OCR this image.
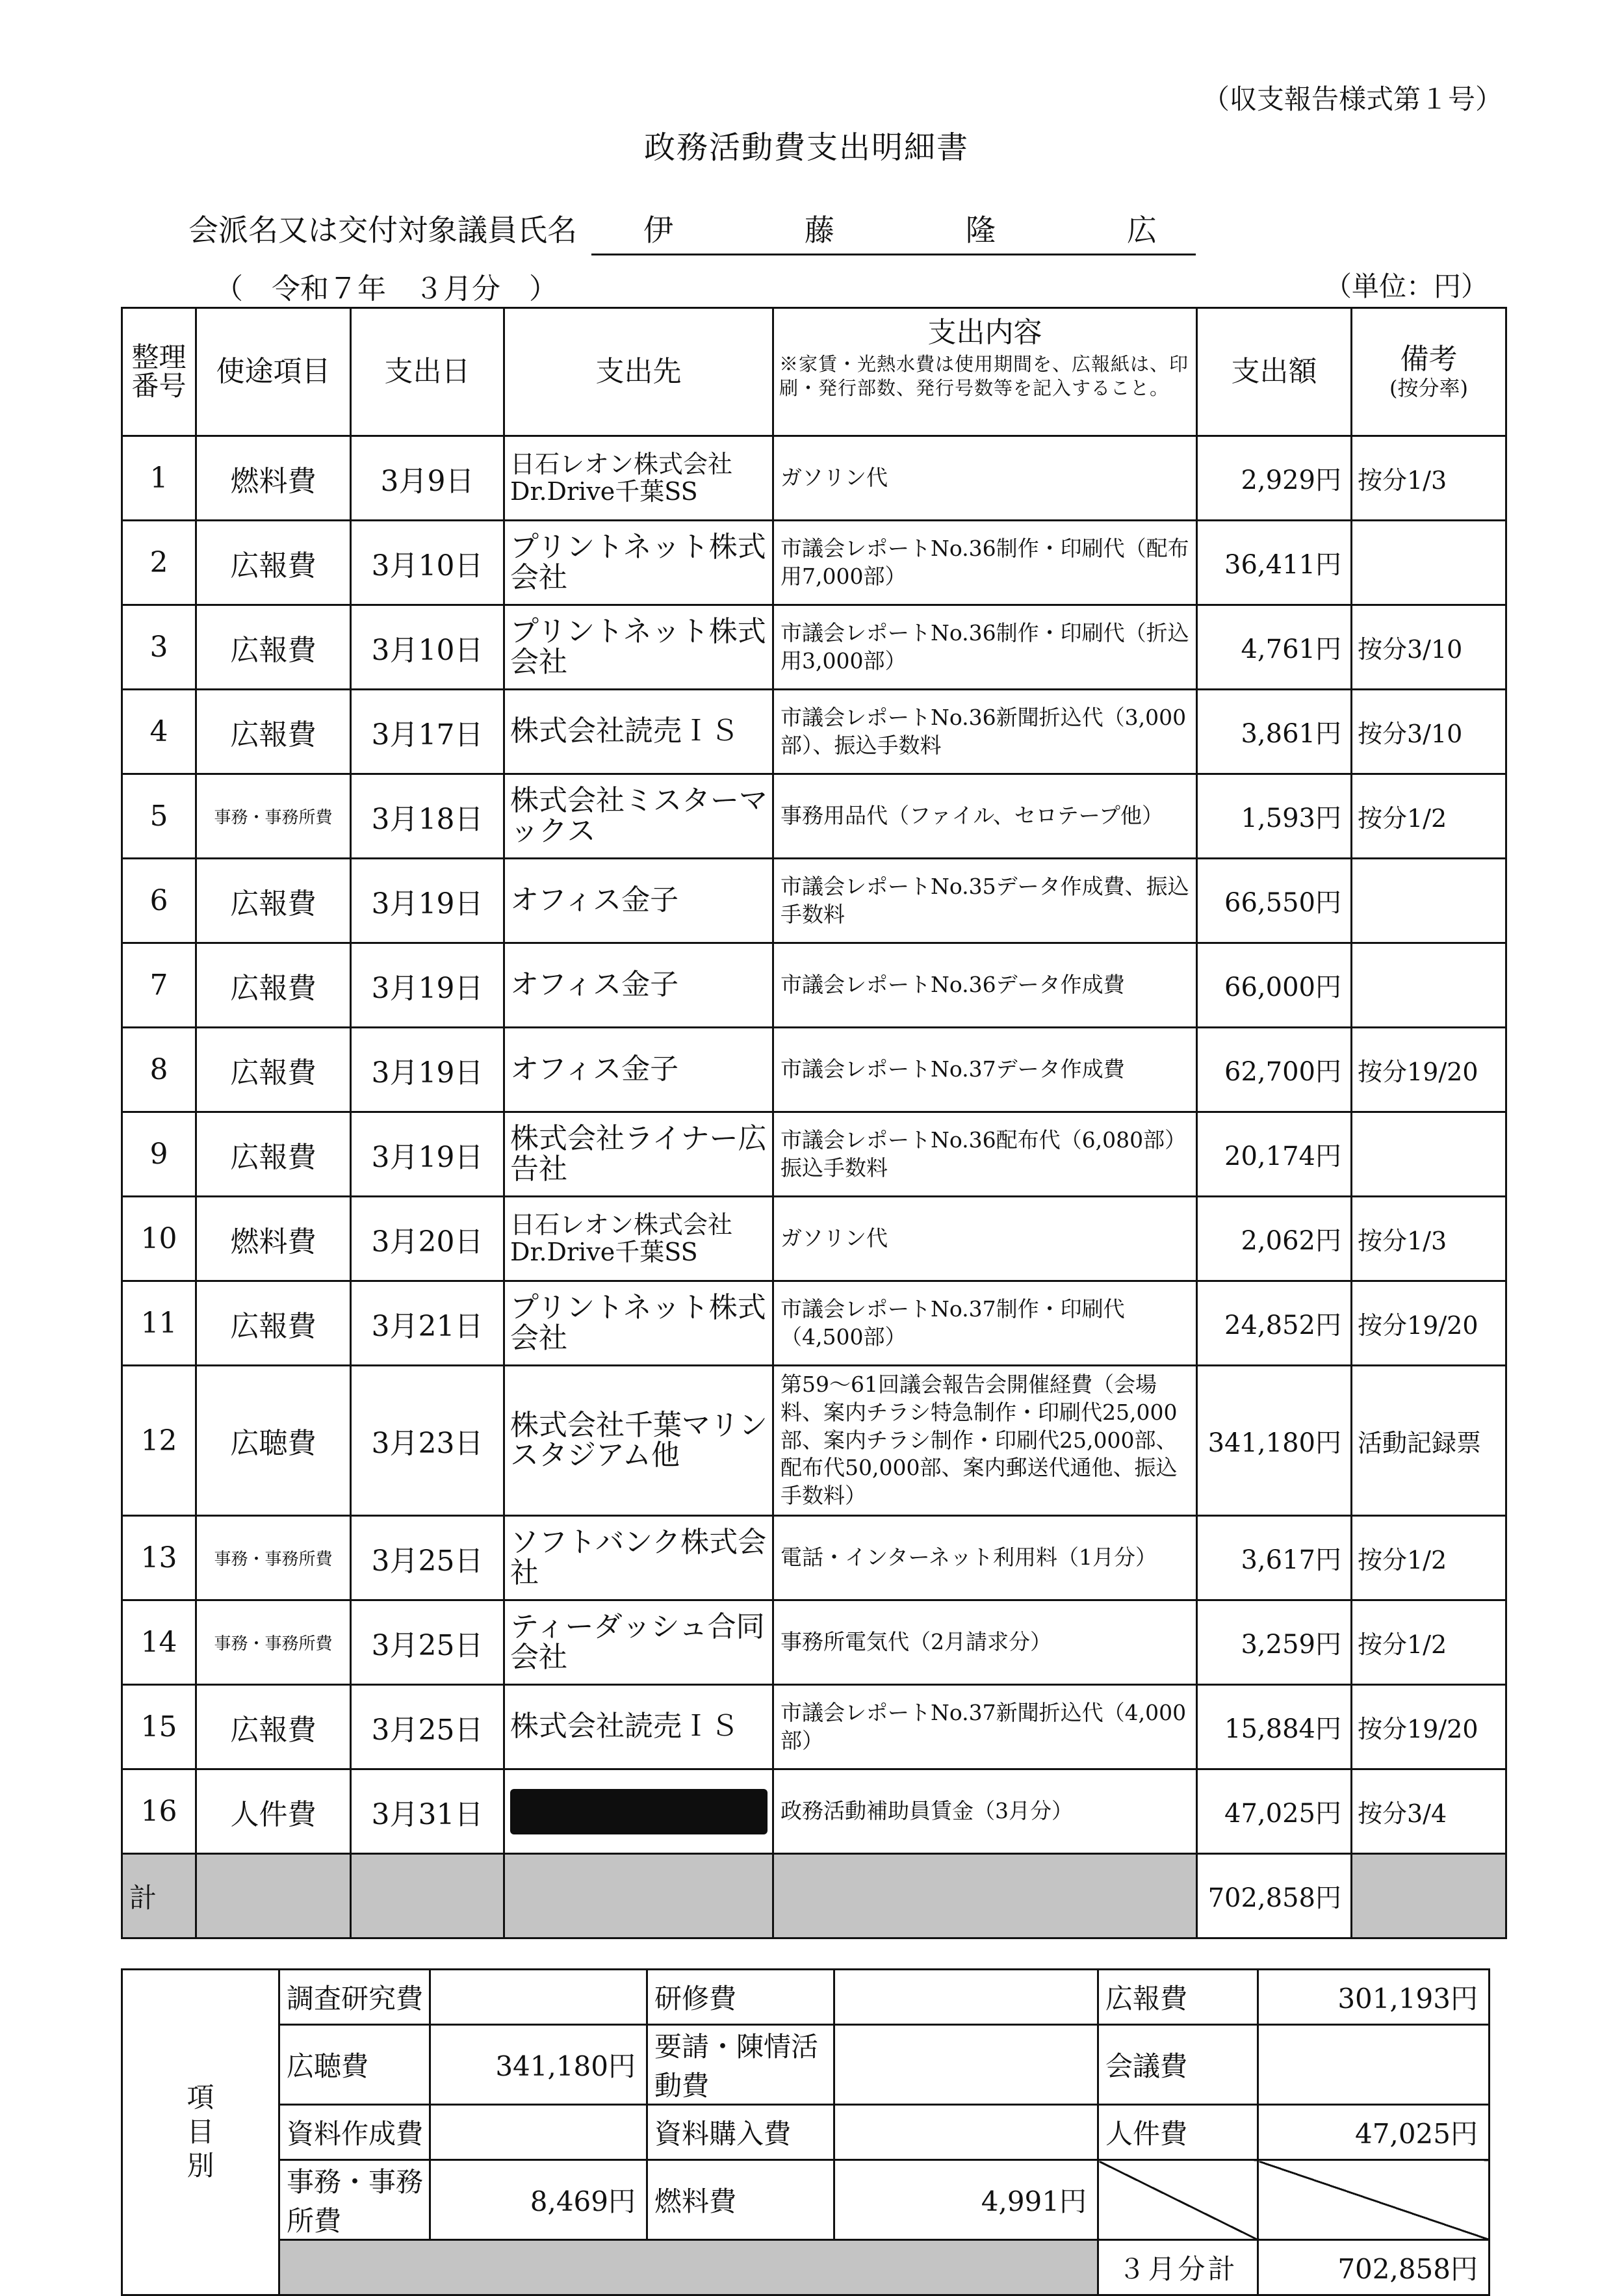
（収支報告様式第１号）
政務活動費支出明細書
会派名又は交付対象議員氏名 伊	藤	隆	広
（　令和７年　３月分　）	（単位：円）
整理番号	使途項目	支出日	支出先	支出内容
※家賃・光熱水費は使用期間を、広報紙は、印刷・発行部数、発行号数等を記入すること。	支出額	備考
(按分率)

1	燃料費	3月9日	日石レオン株式会社Dr.Drive千葉SS	ガソリン代	2,929円	按分1/3
2	広報費	3月10日	プリントネット株式会社	市議会レポートNo.36制作・印刷代（配布用7,000部）	36,411円	
3	広報費	3月10日	プリントネット株式会社	市議会レポートNo.36制作・印刷代（折込用3,000部）	4,761円	按分3/10
4	広報費	3月17日	株式会社読売ＩＳ	市議会レポートNo.36新聞折込代（3,000部）、振込手数料	3,861円	按分3/10
5	事務・事務所費	3月18日	株式会社ミスターマックス	事務用品代（ファイル、セロテープ他）	1,593円	按分1/2
6	広報費	3月19日	オフィス金子	市議会レポートNo.35データ作成費、振込手数料	66,550円	
7	広報費	3月19日	オフィス金子	市議会レポートNo.36データ作成費	66,000円	
8	広報費	3月19日	オフィス金子	市議会レポートNo.37データ作成費	62,700円	按分19/20
9	広報費	3月19日	株式会社ライナー広告社	市議会レポートNo.36配布代（6,080部）振込手数料	20,174円	
10	燃料費	3月20日	日石レオン株式会社Dr.Drive千葉SS	ガソリン代	2,062円	按分1/3
11	広報費	3月21日	プリントネット株式会社	市議会レポートNo.37制作・印刷代（4,500部）	24,852円	按分19/20
12	広聴費	3月23日	株式会社千葉マリンスタジアム他	第59～61回議会報告会開催経費（会場料、案内チラシ特急制作・印刷代25,000部、案内チラシ制作・印刷代25,000部、配布代50,000部、案内郵送代通他、振込手数料）	341,180円	活動記録票
13	事務・事務所費	3月25日	ソフトバンク株式会社	電話・インターネット利用料（1月分）	3,617円	按分1/2
14	事務・事務所費	3月25日	ティーダッシュ合同会社	事務所電気代（2月請求分）	3,259円	按分1/2
15	広報費	3月25日	株式会社読売ＩＳ	市議会レポートNo.37新聞折込代（4,000部）	15,884円	按分19/20
16	人件費	3月31日		政務活動補助員賃金（3月分）	47,025円	按分3/4
計					702,858円	
項
目
別	調査研究費		研修費		広報費	301,193円
	広聴費	341,180円	要請・陳情活動費		会議費	
	資料作成費		資料購入費		人件費	47,025円
	事務・事務所費	8,469円	燃料費	4,991円		
					３月分計	702,858円
